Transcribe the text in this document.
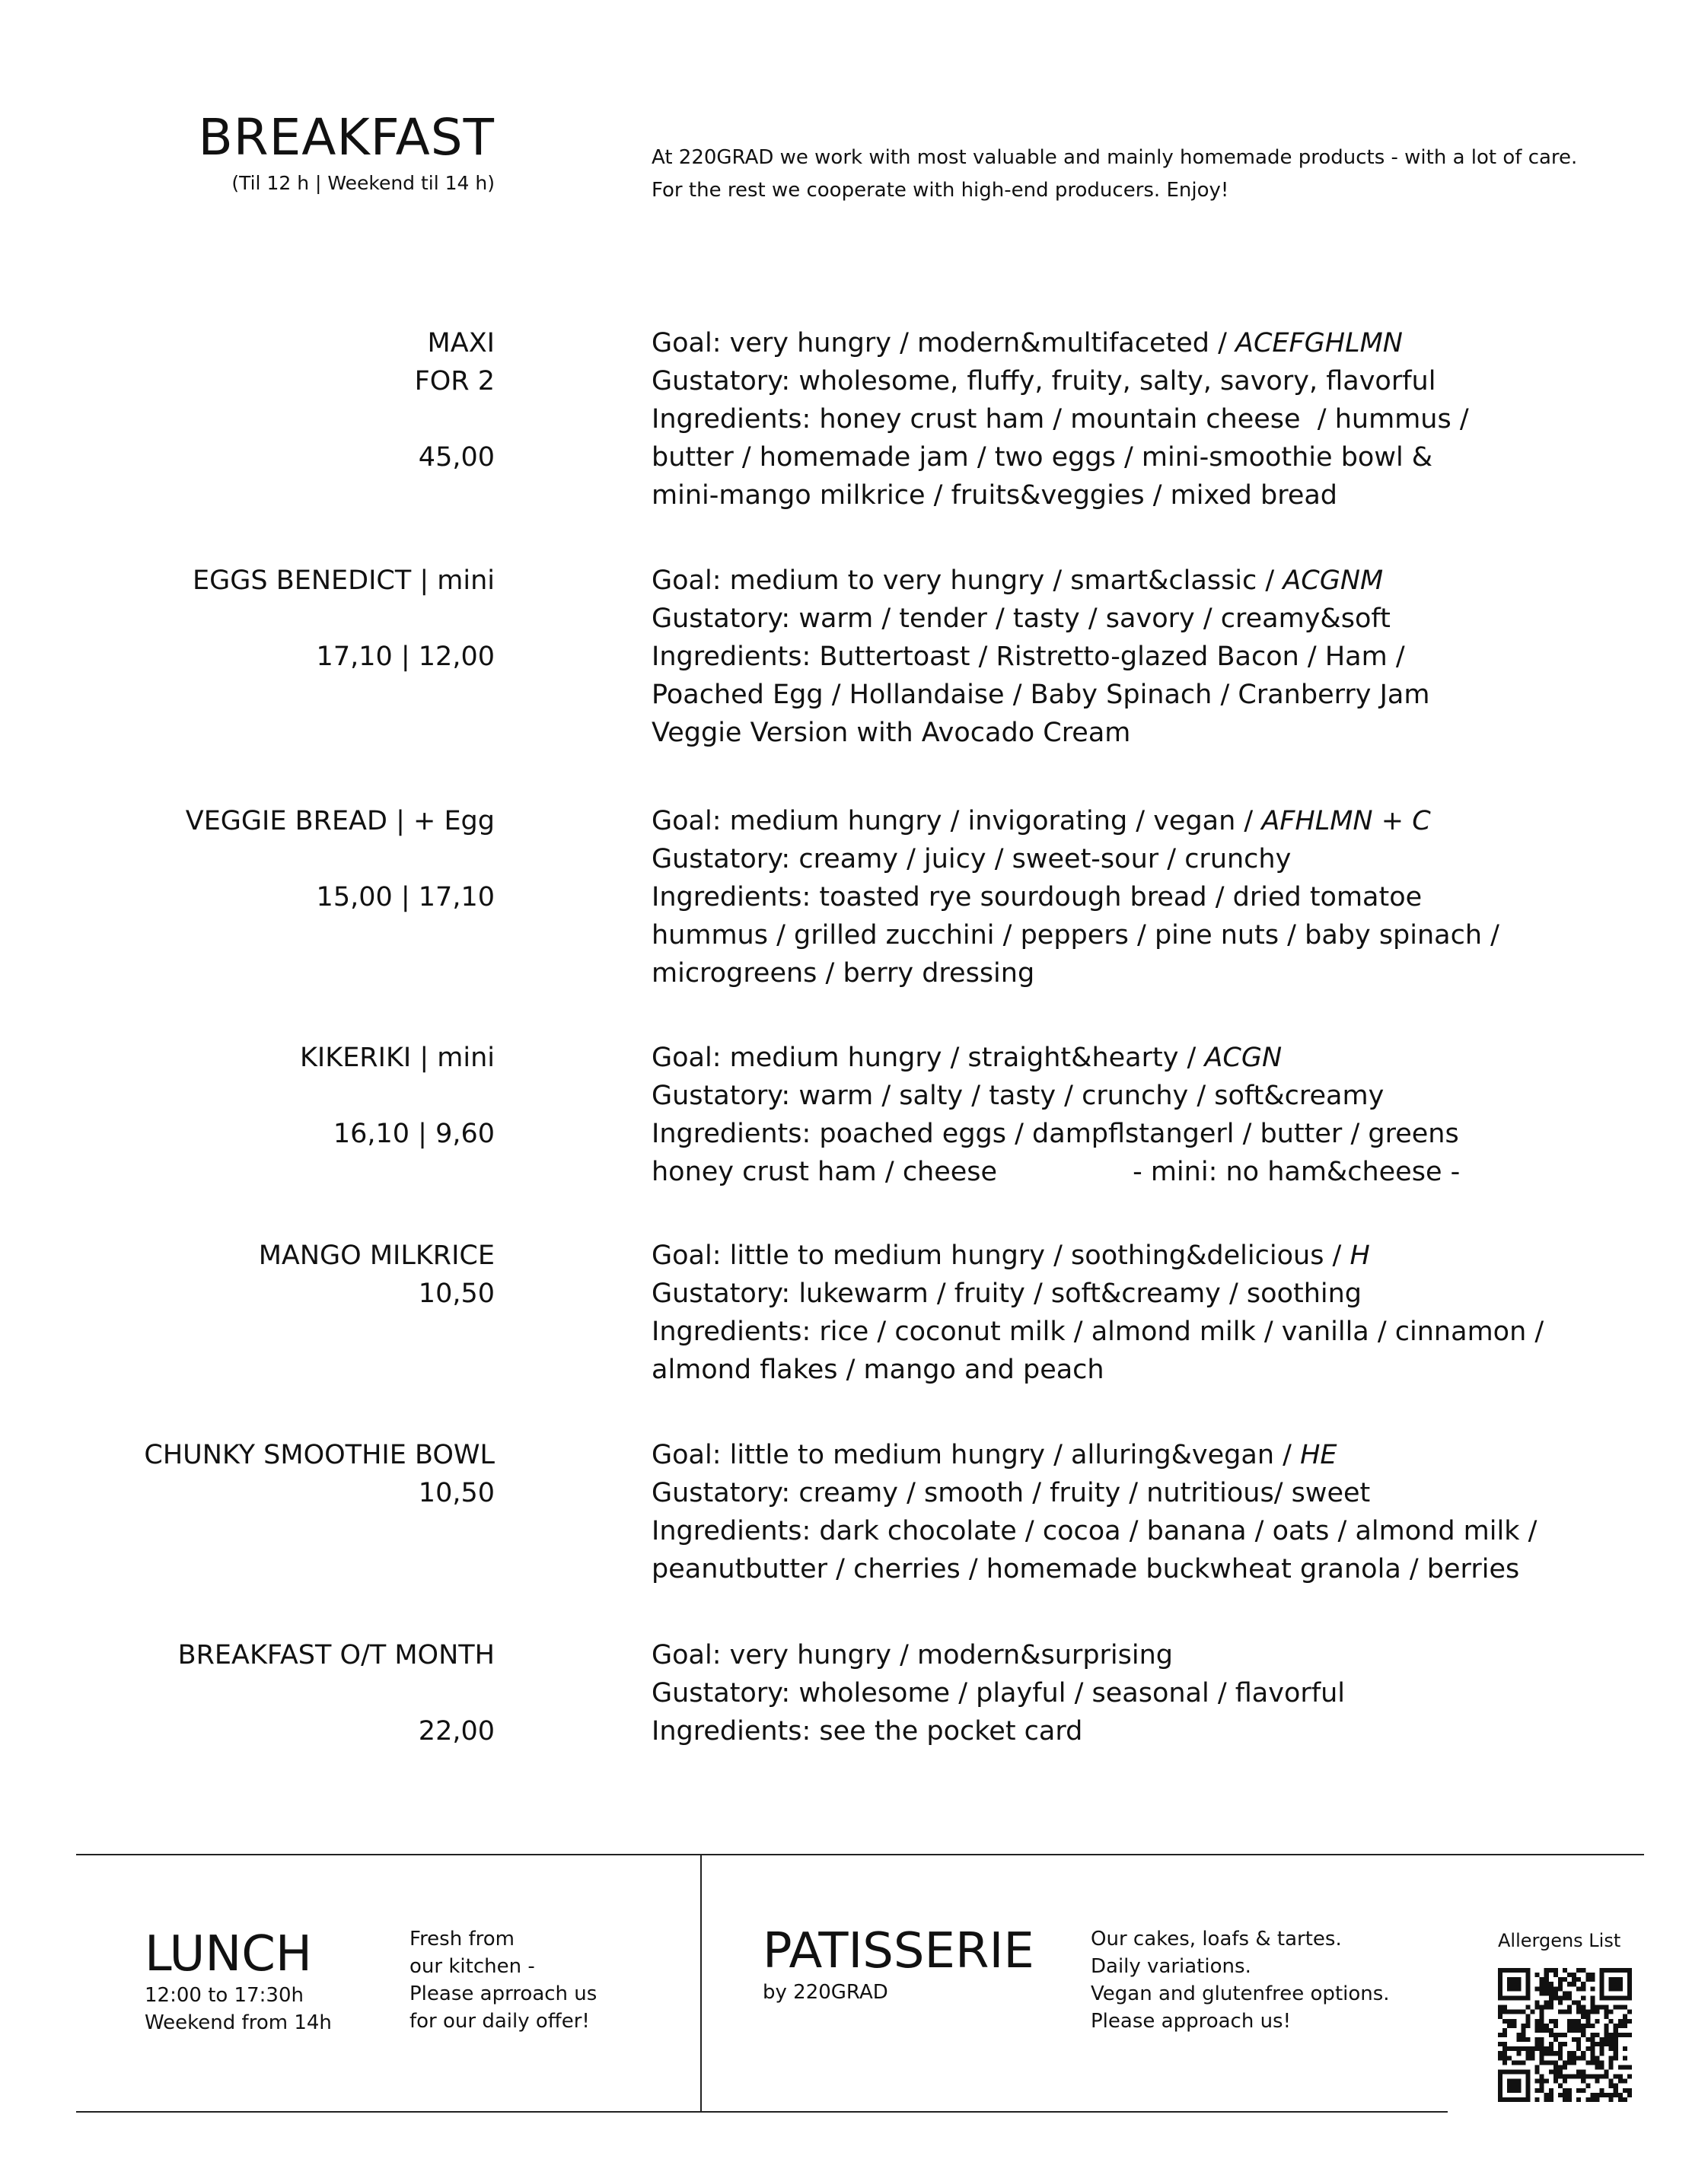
BREAKFAST
(Til 12 h | Weekend til 14 h)
At 220GRAD we work with most valuable and mainly homemade products - with a lot of care.
For the rest we cooperate with high-end producers. Enjoy!
MAXI
FOR 2
45,00
Goal: very hungry / modern&multifaceted / ACEFGHLMN
Gustatory: wholesome, fluffy, fruity, salty, savory, flavorful
Ingredients: honey crust ham / mountain cheese  / hummus /
butter / homemade jam / two eggs / mini-smoothie bowl &
mini-mango milkrice / fruits&veggies / mixed bread
EGGS BENEDICT | mini
17,10 | 12,00
Goal: medium to very hungry / smart&classic / ACGNM
Gustatory: warm / tender / tasty / savory / creamy&soft
Ingredients: Buttertoast / Ristretto-glazed Bacon / Ham /
Poached Egg / Hollandaise / Baby Spinach / Cranberry Jam
Veggie Version with Avocado Cream
VEGGIE BREAD | + Egg
15,00 | 17,10
Goal: medium hungry / invigorating / vegan / AFHLMN + C
Gustatory: creamy / juicy / sweet-sour / crunchy
Ingredients: toasted rye sourdough bread / dried tomatoe
hummus / grilled zucchini / peppers / pine nuts / baby spinach /
microgreens / berry dressing
KIKERIKI | mini
16,10 | 9,60
Goal: medium hungry / straight&hearty / ACGN
Gustatory: warm / salty / tasty / crunchy / soft&creamy
Ingredients: poached eggs / dampflstangerl / butter / greens
honey crust ham / cheese                - mini: no ham&cheese -
MANGO MILKRICE
10,50
Goal: little to medium hungry / soothing&delicious / H
Gustatory: lukewarm / fruity / soft&creamy / soothing
Ingredients: rice / coconut milk / almond milk / vanilla / cinnamon /
almond flakes / mango and peach
CHUNKY SMOOTHIE BOWL
10,50
Goal: little to medium hungry / alluring&vegan / HE
Gustatory: creamy / smooth / fruity / nutritious/ sweet
Ingredients: dark chocolate / cocoa / banana / oats / almond milk /
peanutbutter / cherries / homemade buckwheat granola / berries
BREAKFAST O/T MONTH
22,00
Goal: very hungry / modern&surprising
Gustatory: wholesome / playful / seasonal / flavorful
Ingredients: see the pocket card
LUNCH
12:00 to 17:30h
Weekend from 14h
Fresh from
our kitchen -
Please aprroach us
for our daily offer!
PATISSERIE
by 220GRAD
Our cakes, loafs & tartes.
Daily variations.
Vegan and glutenfree options.
Please approach us!
Allergens List
